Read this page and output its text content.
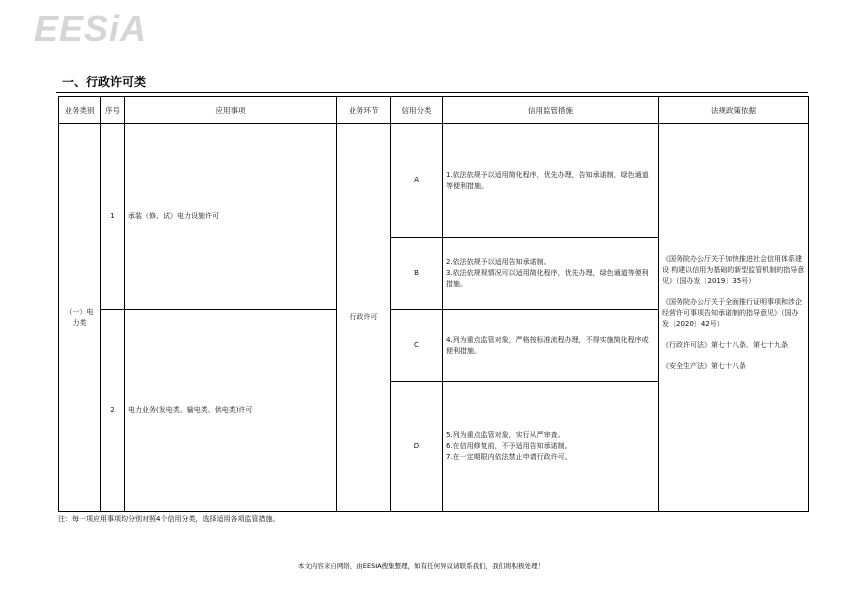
EESiA
一、行政许可类
业务类别	序号	应用事项	业务环节	信用分类	信用监管措施	法规政策依据
（一）电力类	1	承装（修、试）电力设施许可	行政许可	A	1.依法依规予以适用简化程序，优先办理，告知承诺制，绿色通道等便利措施。	《国务院办公厅关于加快推进社会信用体系建设 构建以信用为基础的新型监管机制的指导意见》（国办发〔2019〕35号）

《国务院办公厅关于全面推行证明事项和涉企经营许可事项告知承诺制的指导意见》（国办发〔2020〕42号）

《行政许可法》第七十八条、第七十九条

《安全生产法》第七十八条

				B	2.依法依规予以适用告知承诺制。

3.依法依规视情况可以适用简化程序，优先办理，绿色通道等便利措施。	

	2	电力业务(发电类、输电类、供电类)许可		C	4.列为重点监管对象，严格按标准流程办理，不得实施简化程序或便利措施。	

				D	5.列为重点监管对象，实行从严审查。

6.在信用修复前，不予适用告知承诺制。

7.在一定期限内依法禁止申请行政许可。	

注：每一项应用事项均分别对照4个信用分类，选择适用各项监管措施。
本文内容来自网络，由EESIA搜集整理，如有任何异议请联系我们，我们将积极处理！
